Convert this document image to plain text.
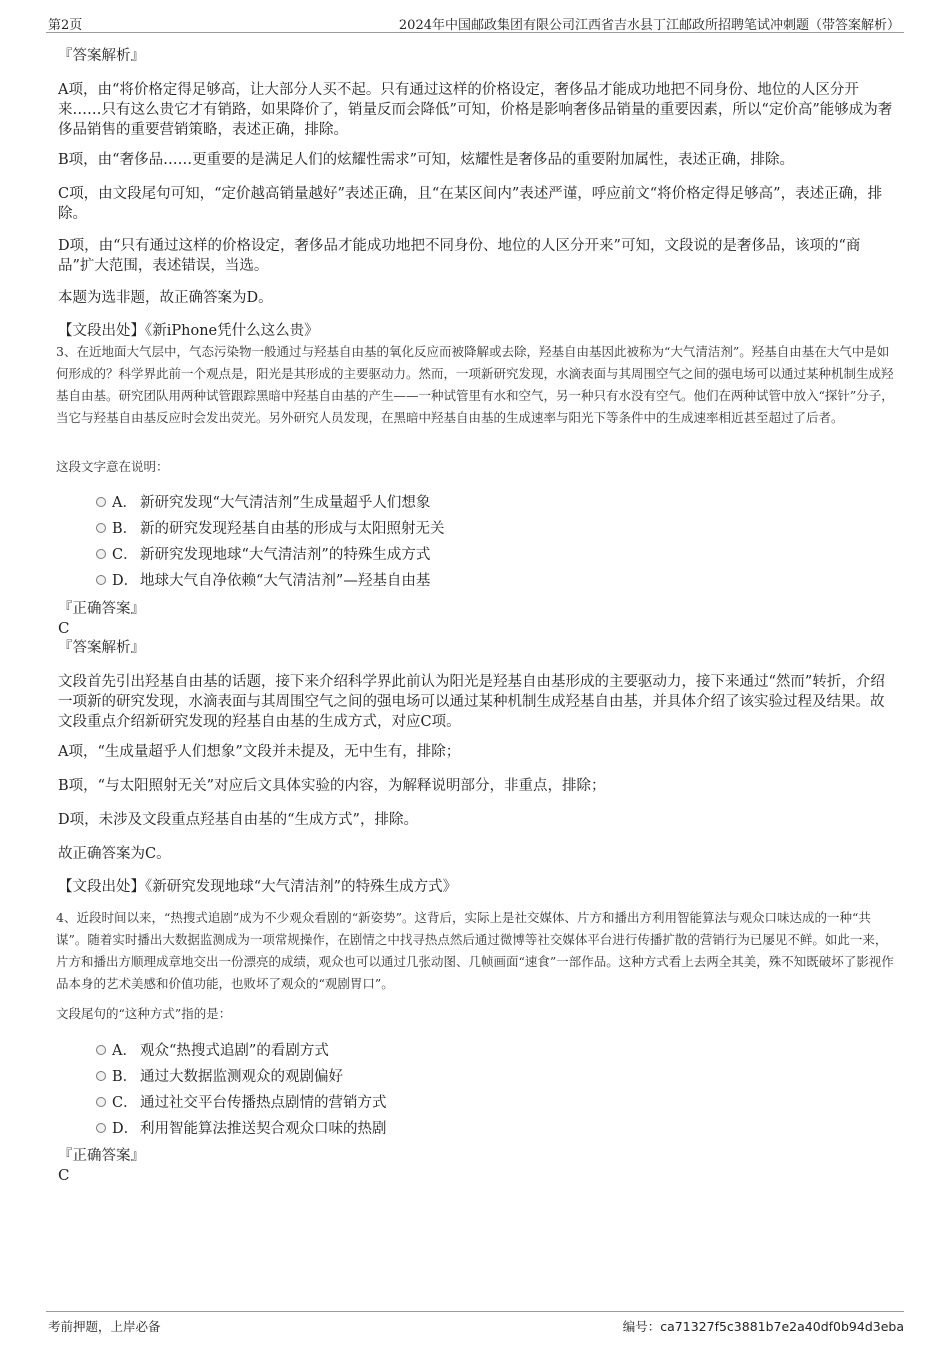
第2页	2024年中国邮政集团有限公司江西省吉水县丁江邮政所招聘笔试冲刺题（带答案解析）
『答案解析』

A项，由“将价格定得足够高，让大部分人买不起。只有通过这样的价格设定，奢侈品才能成功地把不同身份、地位的人区分开来……只有这么贵它才有销路，如果降价了，销量反而会降低”可知，价格是影响奢侈品销量的重要因素，所以“定价高”能够成为奢侈品销售的重要营销策略，表述正确，排除。

B项，由“奢侈品……更重要的是满足人们的炫耀性需求”可知，炫耀性是奢侈品的重要附加属性，表述正确，排除。

C项，由文段尾句可知，“定价越高销量越好”表述正确，且“在某区间内”表述严谨，呼应前文“将价格定得足够高”，表述正确，排除。

D项，由“只有通过这样的价格设定，奢侈品才能成功地把不同身份、地位的人区分开来”可知，文段说的是奢侈品，该项的“商品”扩大范围，表述错误，当选。

本题为选非题，故正确答案为D。

【文段出处】《新iPhone凭什么这么贵》

3、在近地面大气层中，气态污染物一般通过与羟基自由基的氧化反应而被降解或去除，羟基自由基因此被称为“大气清洁剂”。羟基自由基在大气中是如何形成的？科学界此前一个观点是，阳光是其形成的主要驱动力。然而，一项新研究发现，水滴表面与其周围空气之间的强电场可以通过某种机制生成羟基自由基。研究团队用两种试管跟踪黑暗中羟基自由基的产生——一种试管里有水和空气，另一种只有水没有空气。他们在两种试管中放入“探针”分子，当它与羟基自由基反应时会发出荧光。另外研究人员发现，在黑暗中羟基自由基的生成速率与阳光下等条件中的生成速率相近甚至超过了后者。

这段文字意在说明：
A． 新研究发现“大气清洁剂”生成量超乎人们想象
B． 新的研究发现羟基自由基的形成与太阳照射无关
C． 新研究发现地球“大气清洁剂”的特殊生成方式
D． 地球大气自净依赖“大气清洁剂”—羟基自由基
『正确答案』
C
『答案解析』

文段首先引出羟基自由基的话题，接下来介绍科学界此前认为阳光是羟基自由基形成的主要驱动力，接下来通过“然而”转折，介绍一项新的研究发现，水滴表面与其周围空气之间的强电场可以通过某种机制生成羟基自由基，并具体介绍了该实验过程及结果。故文段重点介绍新研究发现的羟基自由基的生成方式，对应C项。

A项，“生成量超乎人们想象”文段并未提及，无中生有，排除；

B项，“与太阳照射无关”对应后文具体实验的内容，为解释说明部分，非重点，排除；

D项，未涉及文段重点羟基自由基的“生成方式”，排除。

故正确答案为C。

【文段出处】《新研究发现地球“大气清洁剂”的特殊生成方式》

4、近段时间以来，“热搜式追剧”成为不少观众看剧的“新姿势”。这背后，实际上是社交媒体、片方和播出方利用智能算法与观众口味达成的一种“共谋”。随着实时播出大数据监测成为一项常规操作，在剧情之中找寻热点然后通过微博等社交媒体平台进行传播扩散的营销行为已屡见不鲜。如此一来，片方和播出方顺理成章地交出一份漂亮的成绩，观众也可以通过几张动图、几帧画面“速食”一部作品。这种方式看上去两全其美，殊不知既破坏了影视作品本身的艺术美感和价值功能，也败坏了观众的“观剧胃口”。

文段尾句的“这种方式”指的是：
A． 观众“热搜式追剧”的看剧方式
B． 通过大数据监测观众的观剧偏好
C． 通过社交平台传播热点剧情的营销方式
D． 利用智能算法推送契合观众口味的热剧
『正确答案』
C
考前押题，上岸必备	编号：ca71327f5c3881b7e2a40df0b94d3eba
